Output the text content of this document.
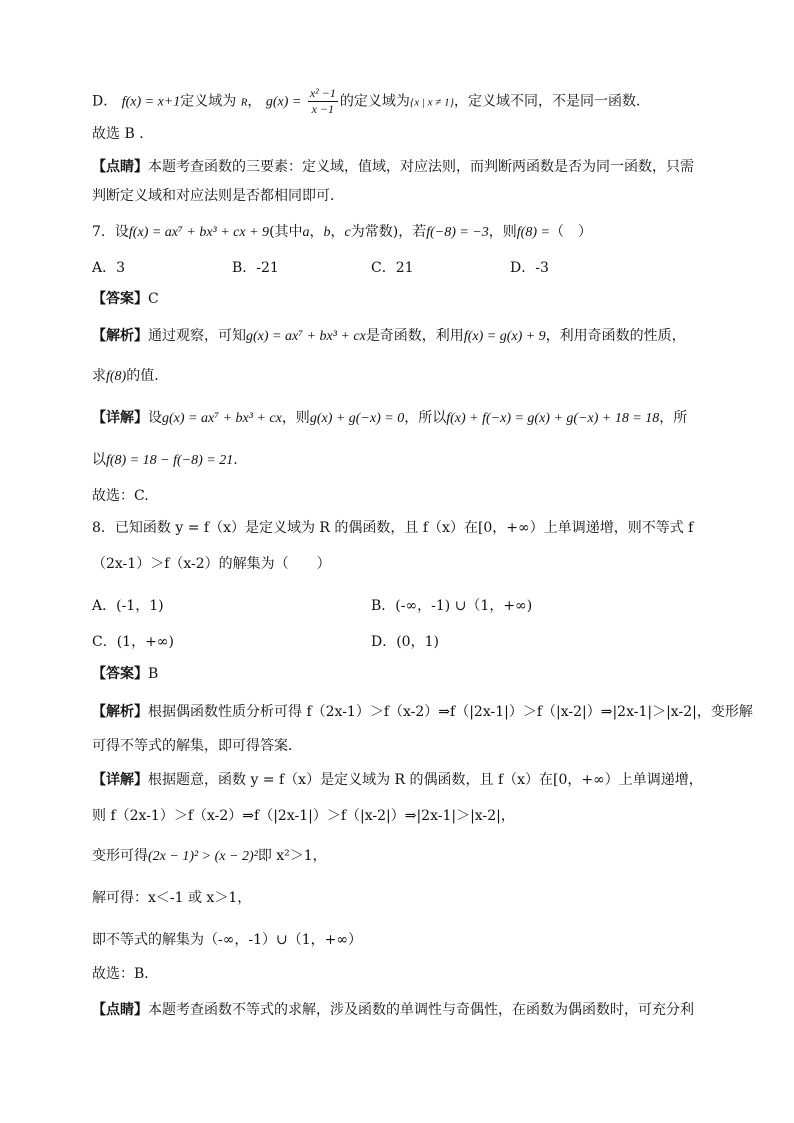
D． f(x) = x+1定义域为 R， $g(x) = \frac{\text{x² −1}}{x -1}$ 的定义域为{x | x ≠ 1}，定义域不同，不是同一函数．
故选 B ．
【点睛】本题考查函数的三要素：定义域，值域，对应法则，而判断两函数是否为同一函数，只需
判断定义域和对应法则是否都相同即可．
7．设f(x) = ax⁷ + bx³ + cx + 9(其中a，b，c为常数)，若f(−8) = −3，则f(8) =（　）
A．3	B．-21	C．21	D．-3
【答案】C
【解析】通过观察，可知g(x) = ax⁷ + bx³ + cx是奇函数，利用f(x) = g(x) + 9，利用奇函数的性质，
求f(8)的值.
【详解】设g(x) = ax⁷ + bx³ + cx，则g(x) + g(−x) = 0，所以f(x) + f(−x) = g(x) + g(−x) + 18 = 18，所
以f(8) = 18 − f(−8) = 21.
故选：C.
8．已知函数 y = f（x）是定义域为 R 的偶函数，且 f（x）在[0，+∞）上单调递增，则不等式 f
（2x-1）＞f（x-2）的解集为（　　）
A．(-1，1)	B．(-∞，-1) ∪（1，+∞)
C．(1，+∞)	D．(0，1)
【答案】B
【解析】根据偶函数性质分析可得 f（2x-1）＞f（x-2）⇒f（|2x-1|）＞f（|x-2|）⇒|2x-1|＞|x-2|，变形解
可得不等式的解集，即可得答案．
【详解】根据题意，函数 y = f（x）是定义域为 R 的偶函数，且 f（x）在[0，+∞）上单调递增，
则 f（2x-1）＞f（x-2）⇒f（|2x-1|）＞f（|x-2|）⇒|2x-1|＞|x-2|，
变形可得(2x − 1)² > (x − 2)²即 x²＞1，
解可得：x＜-1 或 x＞1，
即不等式的解集为（-∞，-1）∪（1，+∞）
故选：B．
【点睛】本题考查函数不等式的求解，涉及函数的单调性与奇偶性，在函数为偶函数时，可充分利
